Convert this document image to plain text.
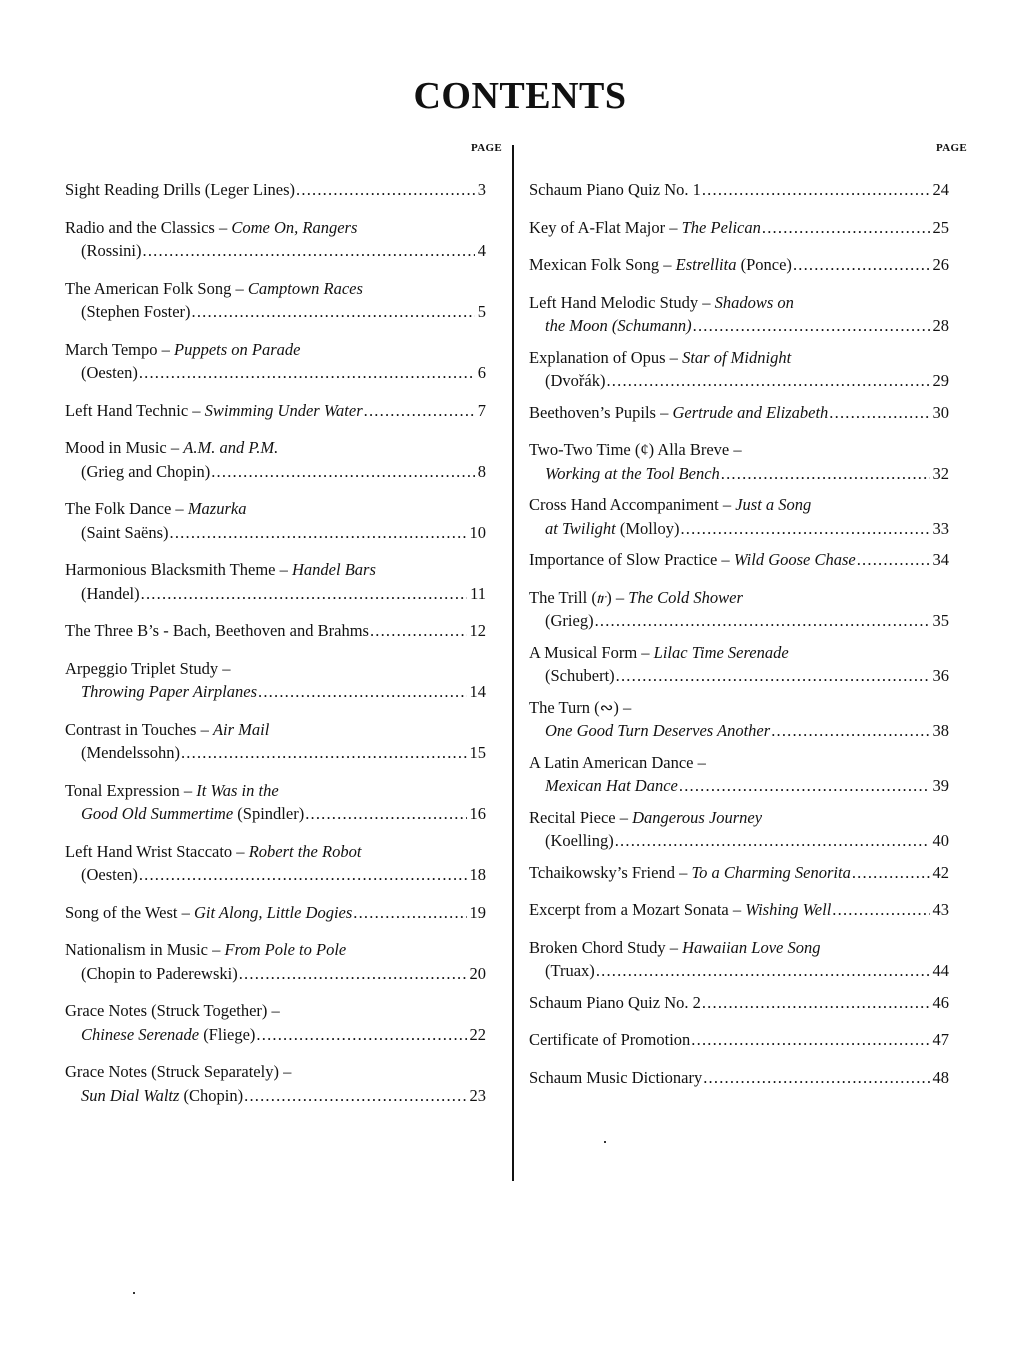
CONTENTS
PAGE
Sight Reading Drills (Leger Lines) .....	3
Radio and the Classics – Come On, Rangers
(Rossini) .....	4
The American Folk Song – Camptown Races
(Stephen Foster) .....	5
March Tempo – Puppets on Parade
(Oesten) .....	6
Left Hand Technic – Swimming Under Water .....	7
Mood in Music – A.M. and P.M.
(Grieg and Chopin) .....	8
The Folk Dance – Mazurka
(Saint Saëns) .....	10
Harmonious Blacksmith Theme – Handel Bars
(Handel) .....	11
The Three B’s - Bach, Beethoven and Brahms .....	12
Arpeggio Triplet Study –
Throwing Paper Airplanes .....	14
Contrast in Touches – Air Mail
(Mendelssohn) .....	15
Tonal Expression – It Was in the
Good Old Summertime (Spindler) .....	16
Left Hand Wrist Staccato – Robert the Robot
(Oesten) .....	18
Song of the West – Git Along, Little Dogies .....	19
Nationalism in Music – From Pole to Pole
(Chopin to Paderewski) .....	20
Grace Notes (Struck Together) –
Chinese Serenade (Fliege) .....	22
Grace Notes (Struck Separately) –
Sun Dial Waltz (Chopin) .....	23
PAGE
Schaum Piano Quiz No. 1 .....	24
Key of A-Flat Major – The Pelican .....	25
Mexican Folk Song – Estrellita (Ponce) .....	26
Left Hand Melodic Study – Shadows on
the Moon (Schumann) .....	28
Explanation of Opus – Star of Midnight
(Dvořák) .....	29
Beethoven’s Pupils – Gertrude and Elizabeth .....	30
Two-Two Time (¢) Alla Breve –
Working at the Tool Bench .....	32
Cross Hand Accompaniment – Just a Song
at Twilight (Molloy) .....	33
Importance of Slow Practice – Wild Goose Chase .....	34
The Trill (𝆖) – The Cold Shower
(Grieg) .....	35
A Musical Form – Lilac Time Serenade
(Schubert) .....	36
The Turn (∾) –
One Good Turn Deserves Another .....	38
A Latin American Dance –
Mexican Hat Dance .....	39
Recital Piece – Dangerous Journey
(Koelling) .....	40
Tchaikowsky’s Friend – To a Charming Senorita .....	42
Excerpt from a Mozart Sonata – Wishing Well .....	43
Broken Chord Study – Hawaiian Love Song
(Truax) .....	44
Schaum Piano Quiz No. 2 .....	46
Certificate of Promotion .....	47
Schaum Music Dictionary .....	48
